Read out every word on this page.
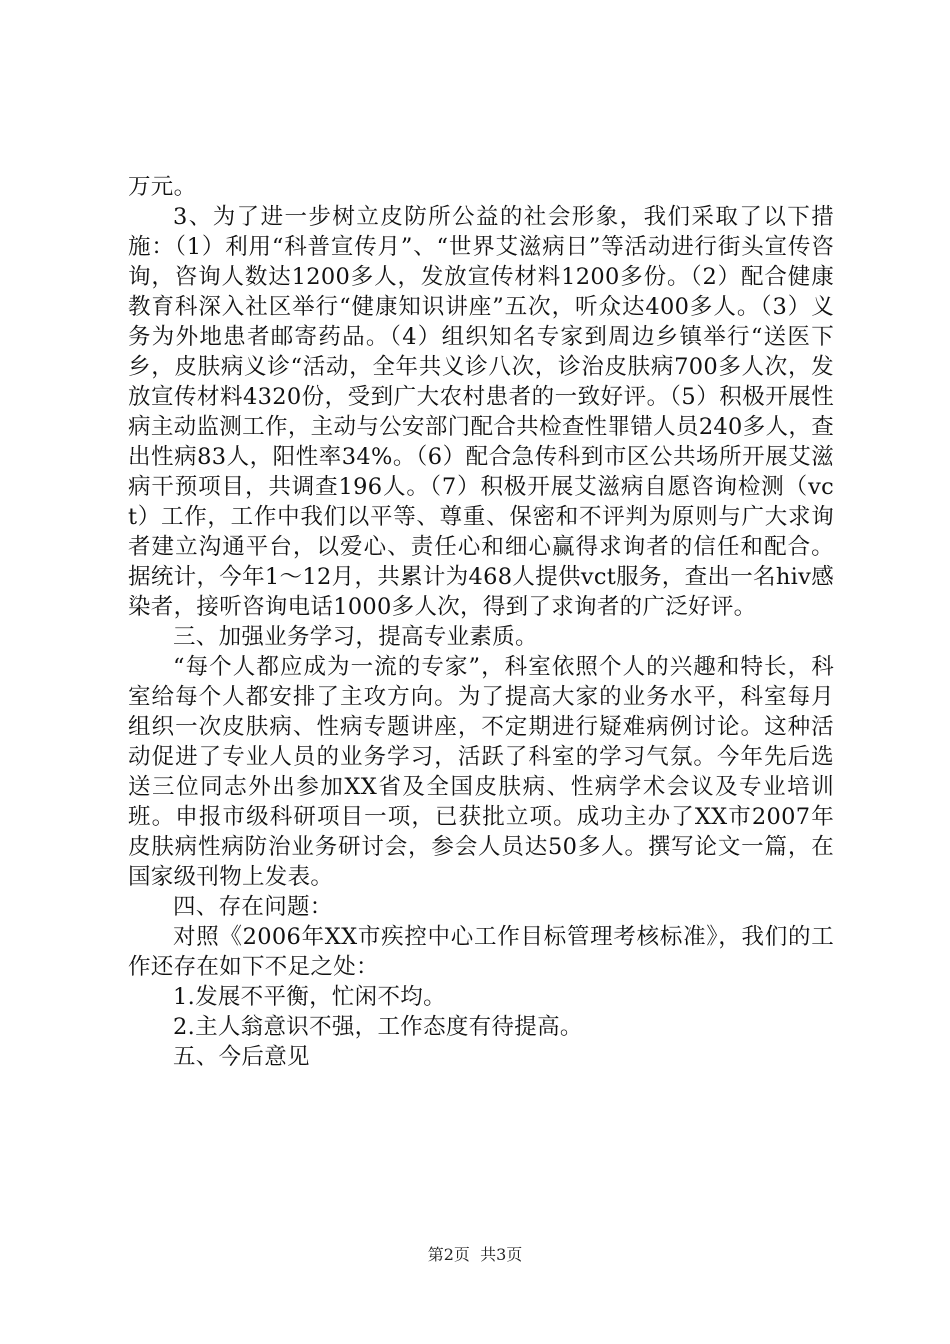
万元。

3、为了进一步树立皮防所公益的社会形象，我们采取了以下措施：（1）利用“科普宣传月”、“世界艾滋病日”等活动进行街头宣传咨询，咨询人数达1200多人，发放宣传材料1200多份。（2）配合健康教育科深入社区举行“健康知识讲座”五次，听众达400多人。（3）义务为外地患者邮寄药品。（4）组织知名专家到周边乡镇举行“送医下乡，皮肤病义诊“活动，全年共义诊八次，诊治皮肤病700多人次，发放宣传材料4320份，受到广大农村患者的一致好评。（5）积极开展性病主动监测工作，主动与公安部门配合共检查性罪错人员240多人，查出性病83人，阳性率34%。（6）配合急传科到市区公共场所开展艾滋病干预项目，共调查196人。（7）积极开展艾滋病自愿咨询检测（vct）工作，工作中我们以平等、尊重、保密和不评判为原则与广大求询者建立沟通平台，以爱心、责任心和细心赢得求询者的信任和配合。据统计，今年1～12月，共累计为468人提供vct服务，查出一名hiv感染者，接听咨询电话1000多人次，得到了求询者的广泛好评。

三、加强业务学习，提高专业素质。

“每个人都应成为一流的专家”，科室依照个人的兴趣和特长，科室给每个人都安排了主攻方向。为了提高大家的业务水平，科室每月组织一次皮肤病、性病专题讲座，不定期进行疑难病例讨论。这种活动促进了专业人员的业务学习，活跃了科室的学习气氛。今年先后选送三位同志外出参加XX省及全国皮肤病、性病学术会议及专业培训班。申报市级科研项目一项，已获批立项。成功主办了XX市2007年皮肤病性病防治业务研讨会，参会人员达50多人。撰写论文一篇，在国家级刊物上发表。

四、存在问题：

对照《2006年XX市疾控中心工作目标管理考核标准》，我们的工作还存在如下不足之处：

1.发展不平衡，忙闲不均。

2.主人翁意识不强，工作态度有待提高。

五、今后意见

第2页  共3页
